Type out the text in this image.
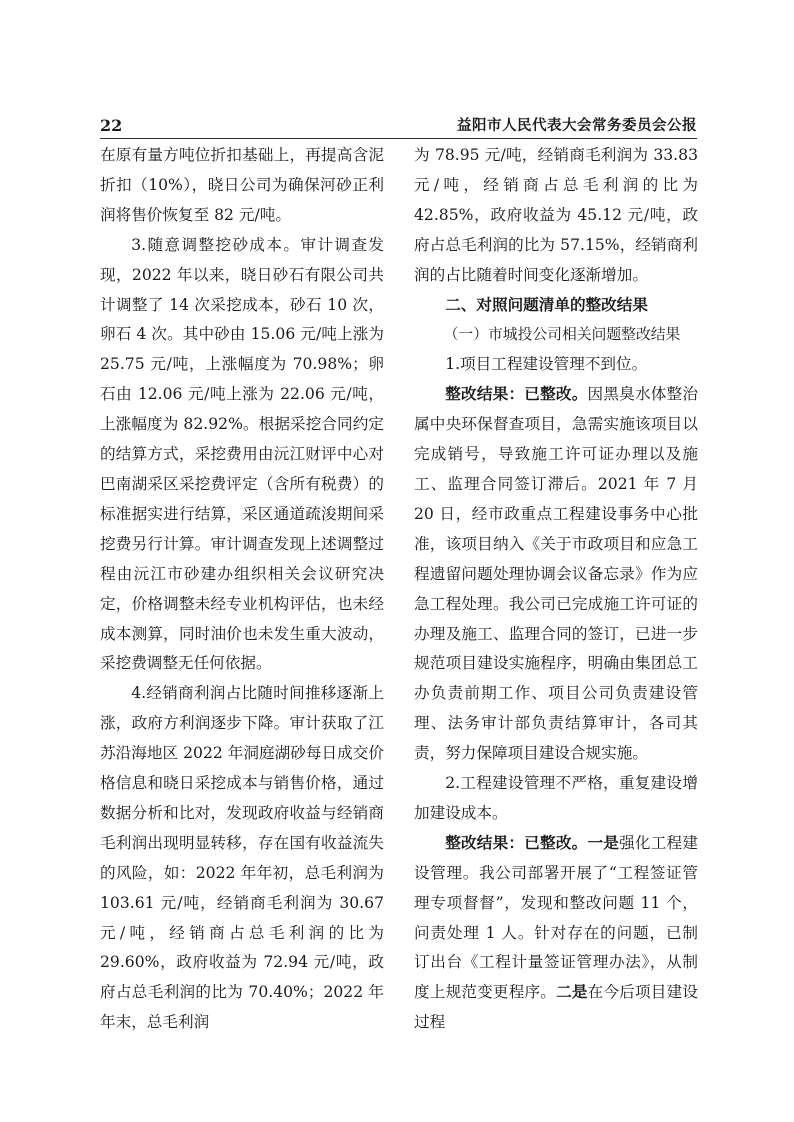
22	益阳市人民代表大会常务委员会公报

在原有量方吨位折扣基础上，再提高含泥折扣（10%），晓日公司为确保河砂正利润将售价恢复至 82 元/吨。

3.随意调整挖砂成本。审计调查发现，2022 年以来，晓日砂石有限公司共计调整了 14 次采挖成本，砂石 10 次，卵石 4 次。其中砂由 15.06 元/吨上涨为 25.75 元/吨，上涨幅度为 70.98%；卵石由 12.06 元/吨上涨为 22.06 元/吨，上涨幅度为 82.92%。根据采挖合同约定的结算方式，采挖费用由沅江财评中心对巴南湖采区采挖费评定（含所有税费）的标准据实进行结算，采区通道疏浚期间采挖费另行计算。审计调查发现上述调整过程由沅江市砂建办组织相关会议研究决定，价格调整未经专业机构评估，也未经成本测算，同时油价也未发生重大波动，采挖费调整无任何依据。

4.经销商利润占比随时间推移逐渐上涨，政府方利润逐步下降。审计获取了江苏沿海地区 2022 年洞庭湖砂每日成交价格信息和晓日采挖成本与销售价格，通过数据分析和比对，发现政府收益与经销商毛利润出现明显转移，存在国有收益流失的风险，如：2022 年年初，总毛利润为 103.61 元/吨，经销商毛利润为 30.67 元/吨，经销商占总毛利润的比为 29.60%，政府收益为 72.94 元/吨，政府占总毛利润的比为 70.40%；2022 年年末，总毛利润

为 78.95 元/吨，经销商毛利润为 33.83 元/吨，经销商占总毛利润的比为 42.85%，政府收益为 45.12 元/吨，政府占总毛利润的比为 57.15%，经销商利润的占比随着时间变化逐渐增加。

二、对照问题清单的整改结果

（一）市城投公司相关问题整改结果

1.项目工程建设管理不到位。

整改结果：已整改。因黑臭水体整治属中央环保督查项目，急需实施该项目以完成销号，导致施工许可证办理以及施工、监理合同签订滞后。2021 年 7 月 20 日，经市政重点工程建设事务中心批准，该项目纳入《关于市政项目和应急工程遗留问题处理协调会议备忘录》作为应急工程处理。我公司已完成施工许可证的办理及施工、监理合同的签订，已进一步规范项目建设实施程序，明确由集团总工办负责前期工作、项目公司负责建设管理、法务审计部负责结算审计，各司其责，努力保障项目建设合规实施。

2.工程建设管理不严格，重复建设增加建设成本。

整改结果：已整改。一是强化工程建设管理。我公司部署开展了“工程签证管理专项督督”，发现和整改问题 11 个，问责处理 1 人。针对存在的问题，已制订出台《工程计量签证管理办法》，从制度上规范变更程序。二是在今后项目建设过程
